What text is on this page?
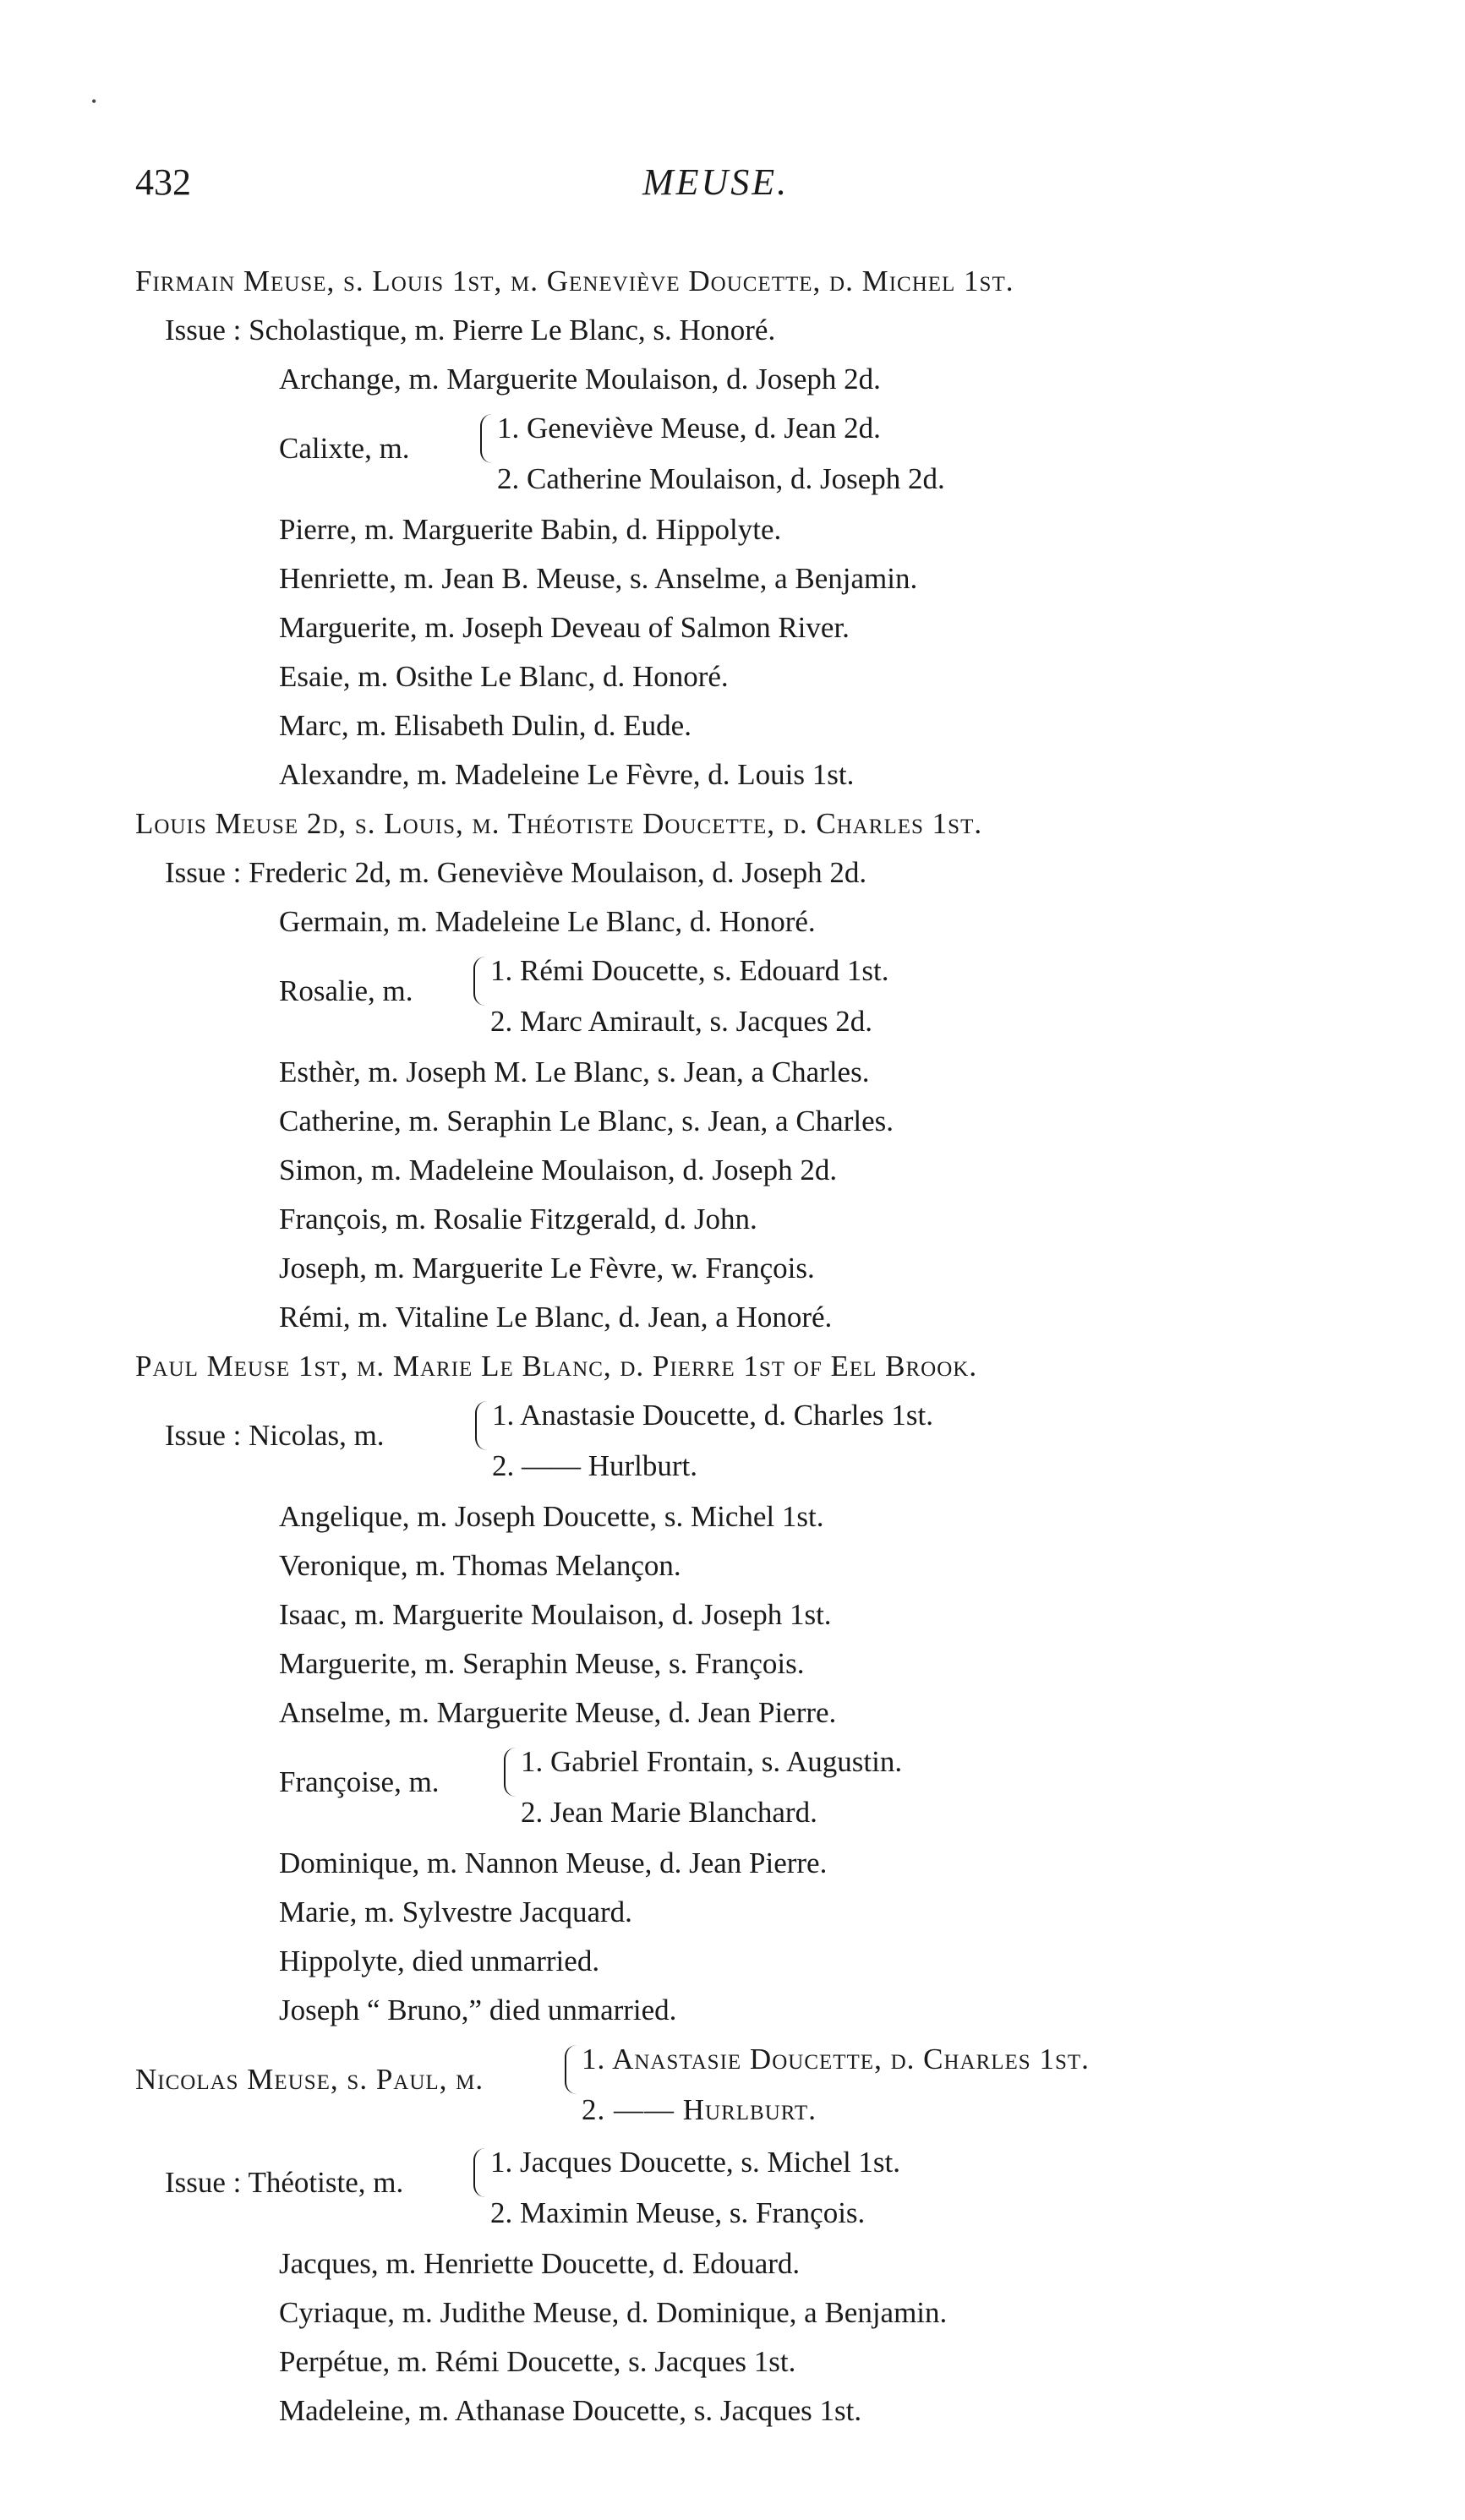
•
432	MEUSE.
Firmain Meuse, s. Louis 1st, m. Geneviève Doucette, d. Michel 1st.
Issue : Scholastique, m. Pierre Le Blanc, s. Honoré.
Archange, m. Marguerite Moulaison, d. Joseph 2d.
Calixte, m.
1. Geneviève Meuse, d. Jean 2d.
2. Catherine Moulaison, d. Joseph 2d.
Pierre, m. Marguerite Babin, d. Hippolyte.
Henriette, m. Jean B. Meuse, s. Anselme, a Benjamin.
Marguerite, m. Joseph Deveau of Salmon River.
Esaie, m. Osithe Le Blanc, d. Honoré.
Marc, m. Elisabeth Dulin, d. Eude.
Alexandre, m. Madeleine Le Fèvre, d. Louis 1st.
Louis Meuse 2d, s. Louis, m. Théotiste Doucette, d. Charles 1st.
Issue : Frederic 2d, m. Geneviève Moulaison, d. Joseph 2d.
Germain, m. Madeleine Le Blanc, d. Honoré.
Rosalie, m.
1. Rémi Doucette, s. Edouard 1st.
2. Marc Amirault, s. Jacques 2d.
Esthèr, m. Joseph M. Le Blanc, s. Jean, a Charles.
Catherine, m. Seraphin Le Blanc, s. Jean, a Charles.
Simon, m. Madeleine Moulaison, d. Joseph 2d.
François, m. Rosalie Fitzgerald, d. John.
Joseph, m. Marguerite Le Fèvre, w. François.
Rémi, m. Vitaline Le Blanc, d. Jean, a Honoré.
Paul Meuse 1st, m. Marie Le Blanc, d. Pierre 1st of Eel Brook.
Issue : Nicolas, m.
1. Anastasie Doucette, d. Charles 1st.
2. —— Hurlburt.
Angelique, m. Joseph Doucette, s. Michel 1st.
Veronique, m. Thomas Melançon.
Isaac, m. Marguerite Moulaison, d. Joseph 1st.
Marguerite, m. Seraphin Meuse, s. François.
Anselme, m. Marguerite Meuse, d. Jean Pierre.
Françoise, m.
1. Gabriel Frontain, s. Augustin.
2. Jean Marie Blanchard.
Dominique, m. Nannon Meuse, d. Jean Pierre.
Marie, m. Sylvestre Jacquard.
Hippolyte, died unmarried.
Joseph “ Bruno,” died unmarried.
Nicolas Meuse, s. Paul, m.
1. Anastasie Doucette, d. Charles 1st.
2. —— Hurlburt.
Issue : Théotiste, m.
1. Jacques Doucette, s. Michel 1st.
2. Maximin Meuse, s. François.
Jacques, m. Henriette Doucette, d. Edouard.
Cyriaque, m. Judithe Meuse, d. Dominique, a Benjamin.
Perpétue, m. Rémi Doucette, s. Jacques 1st.
Madeleine, m. Athanase Doucette, s. Jacques 1st.
